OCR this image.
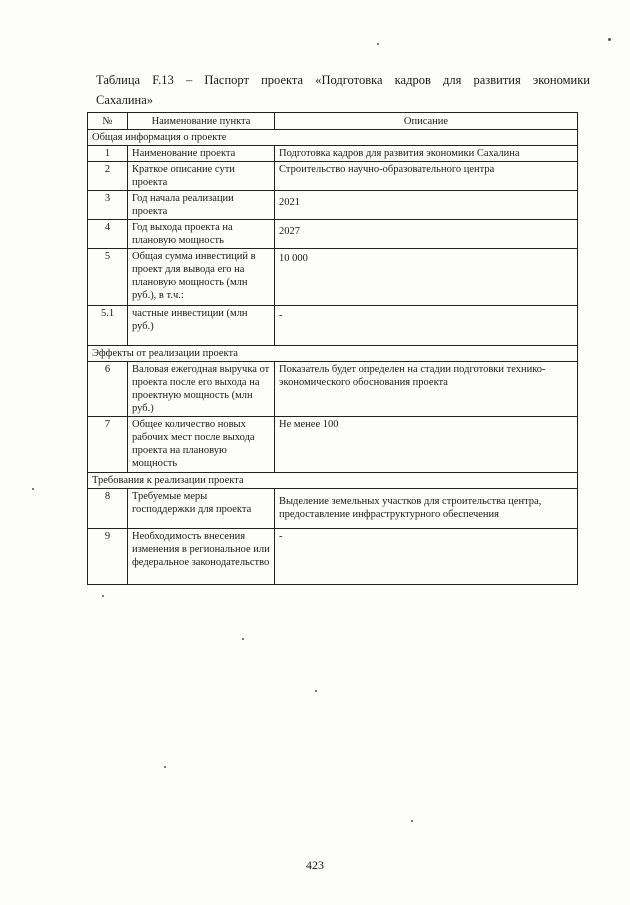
Таблица F.13 – Паспорт проекта «Подготовка кадров для развития экономики
Сахалина»
№	Наименование пункта	Описание
Общая информация о проекте		
1	Наименование проекта	Подготовка кадров для развития экономики Сахалина
2	Краткое описание сути проекта	Строительство научно-образовательного центра
3	Год начала реализации проекта	2021
4	Год выхода проекта на плановую мощность	2027
5	Общая сумма инвестиций в проект для вывода его на плановую мощность (млн руб.), в т.ч.:	10 000
5.1	частные инвестиции (млн руб.)	-
Эффекты от реализации проекта		
6	Валовая ежегодная выручка от проекта после его выхода на проектную мощность (млн руб.)	Показатель будет определен на стадии подготовки технико-экономического обоснования проекта
7	Общее количество новых рабочих мест после выхода проекта на плановую мощность	Не менее 100
Требования к реализации проекта		
8	Требуемые меры господдержки для проекта	Выделение земельных участков для строительства центра, предоставление инфраструктурного обеспечения
9	Необходимость внесения изменения в региональное или федеральное законодательство	-
423
